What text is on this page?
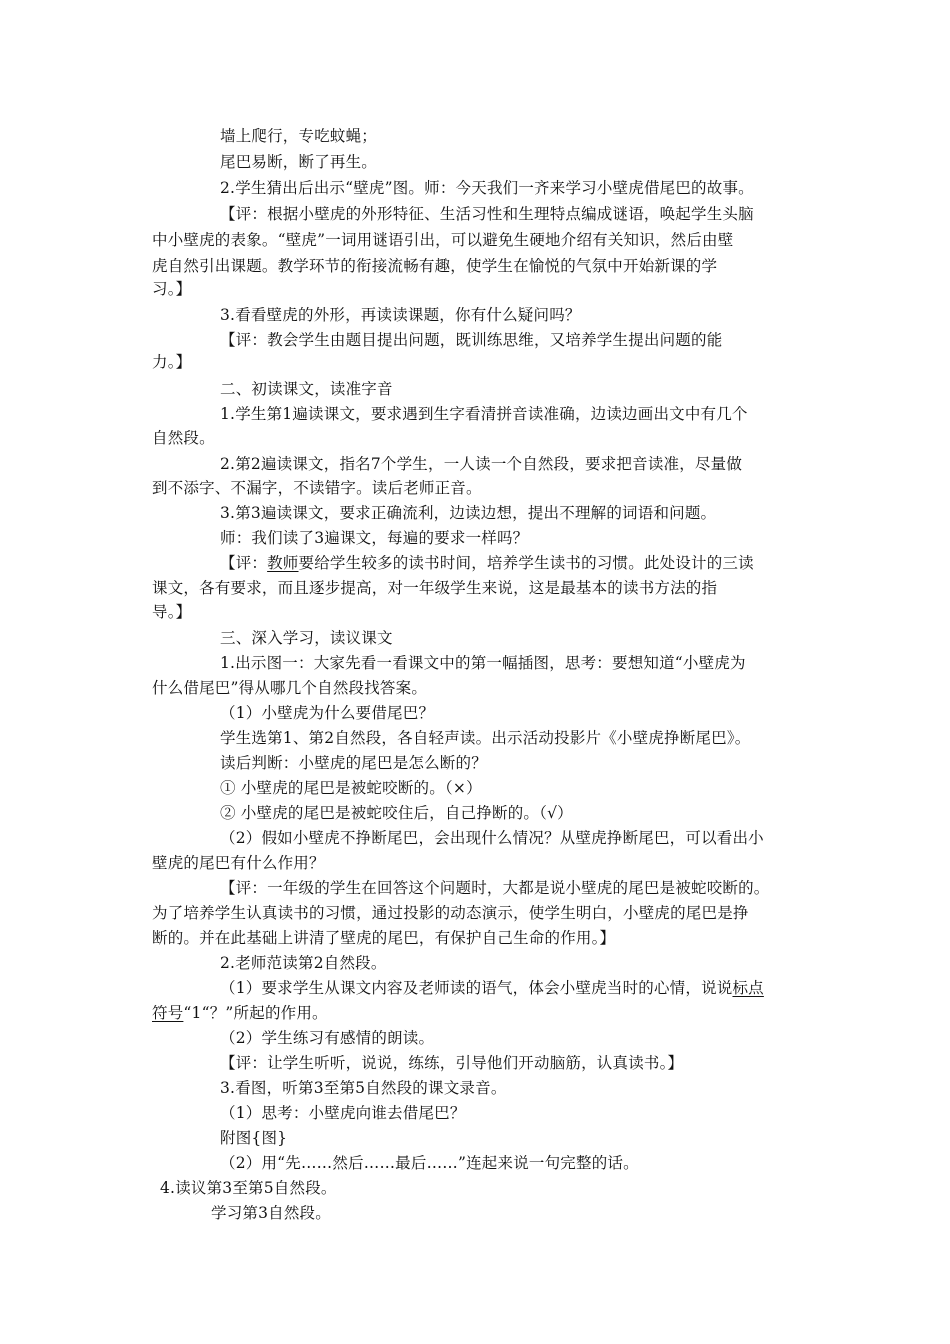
墙上爬行，专吃蚊蝇；
尾巴易断，断了再生。
2.学生猜出后出示“壁虎”图。师：今天我们一齐来学习小壁虎借尾巴的故事。
【评：根据小壁虎的外形特征、生活习性和生理特点编成谜语，唤起学生头脑
中小壁虎的表象。“壁虎”一词用谜语引出，可以避免生硬地介绍有关知识，然后由壁
虎自然引出课题。教学环节的衔接流畅有趣，使学生在愉悦的气氛中开始新课的学
习。】
3.看看壁虎的外形，再读读课题，你有什么疑问吗？
【评：教会学生由题目提出问题，既训练思维，又培养学生提出问题的能
力。】
二、初读课文，读准字音
1.学生第1遍读课文，要求遇到生字看清拼音读准确，边读边画出文中有几个
自然段。
2.第2遍读课文，指名7个学生，一人读一个自然段，要求把音读准，尽量做
到不添字、不漏字，不读错字。读后老师正音。
3.第3遍读课文，要求正确流利，边读边想，提出不理解的词语和问题。
师：我们读了3遍课文，每遍的要求一样吗？
【评：教师要给学生较多的读书时间，培养学生读书的习惯。此处设计的三读
课文，各有要求，而且逐步提高，对一年级学生来说，这是最基本的读书方法的指
导。】
三、深入学习，读议课文
1.出示图一：大家先看一看课文中的第一幅插图，思考：要想知道“小壁虎为
什么借尾巴”得从哪几个自然段找答案。
（1）小壁虎为什么要借尾巴？
学生选第1、第2自然段，各自轻声读。出示活动投影片《小壁虎挣断尾巴》。
读后判断：小壁虎的尾巴是怎么断的？
① 小壁虎的尾巴是被蛇咬断的。（×）
② 小壁虎的尾巴是被蛇咬住后，自己挣断的。（√）
（2）假如小壁虎不挣断尾巴，会出现什么情况？从壁虎挣断尾巴，可以看出小
壁虎的尾巴有什么作用？
【评：一年级的学生在回答这个问题时，大都是说小壁虎的尾巴是被蛇咬断的。
为了培养学生认真读书的习惯，通过投影的动态演示，使学生明白，小壁虎的尾巴是挣
断的。并在此基础上讲清了壁虎的尾巴，有保护自己生命的作用。】
2.老师范读第2自然段。
（1）要求学生从课文内容及老师读的语气，体会小壁虎当时的心情，说说标点
符号“1“？”所起的作用。
（2）学生练习有感情的朗读。
【评：让学生听听，说说，练练，引导他们开动脑筋，认真读书。】
3.看图，听第3至第5自然段的课文录音。
（1）思考：小壁虎向谁去借尾巴？
附图{图}
（2）用“先……然后……最后……”连起来说一句完整的话。
4.读议第3至第5自然段。
学习第3自然段。
